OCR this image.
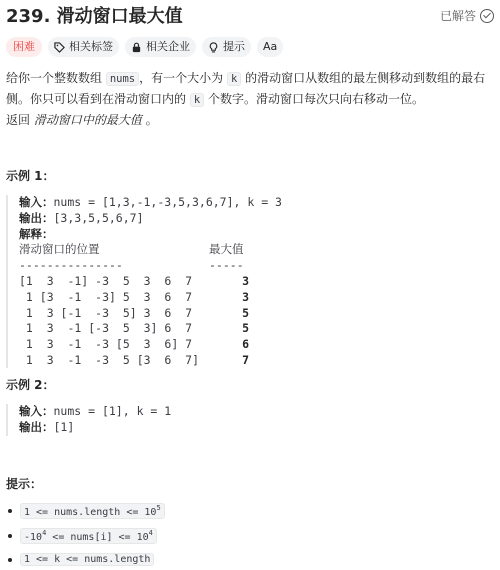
239. 滑动窗口最大值	已解答
困难	相关标签	相关企业	提示	Aa

给你一个整数数组 nums ，有一个大小为 k 的滑动窗口从数组的最左侧移动到数组的最右侧。你只可以看到在滑动窗口内的 k 个数字。滑动窗口每次只向右移动一位。

返回 滑动窗口中的最大值 。
示例 1：
输入：nums = [1,3,-1,-3,5,3,6,7], k = 3
输出：[3,3,5,5,6,7]
解释：
滑动窗口的位置	最大值
---------------	-----
[1  3  -1] -3  5  3  6  7	3
1 [3  -1  -3] 5  3  6  7	3
1  3 [-1  -3  5] 3  6  7	5
1  3  -1 [-3  5  3] 6  7	5
1  3  -1  -3 [5  3  6] 7	6
1  3  -1  -3  5 [3  6  7]	7
示例 2：
输入：nums = [1], k = 1
输出：[1]
提示：
1 <= nums.length <= $10^5$
$-10^4$ <= nums[i] <= $10^4$
1 <= k <= nums.length
